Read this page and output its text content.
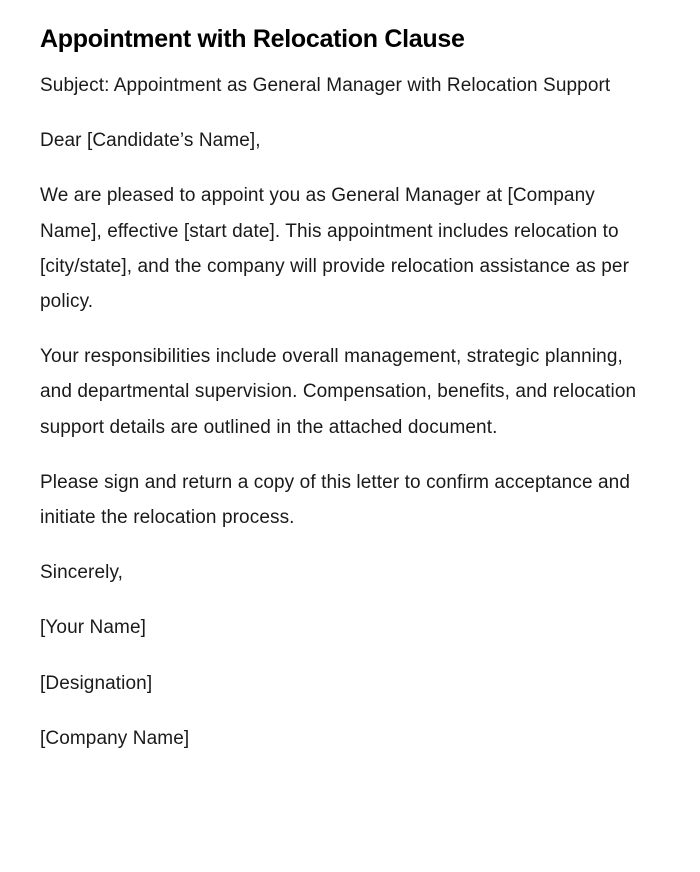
Appointment with Relocation Clause

Subject: Appointment as General Manager with Relocation Support

Dear [Candidate’s Name],

We are pleased to appoint you as General Manager at [Company Name], effective [start date]. This appointment includes relocation to [city/state], and the company will provide relocation assistance as per policy.

Your responsibilities include overall management, strategic planning, and departmental supervision. Compensation, benefits, and relocation support details are outlined in the attached document.

Please sign and return a copy of this letter to confirm acceptance and initiate the relocation process.

Sincerely,

[Your Name]

[Designation]

[Company Name]
